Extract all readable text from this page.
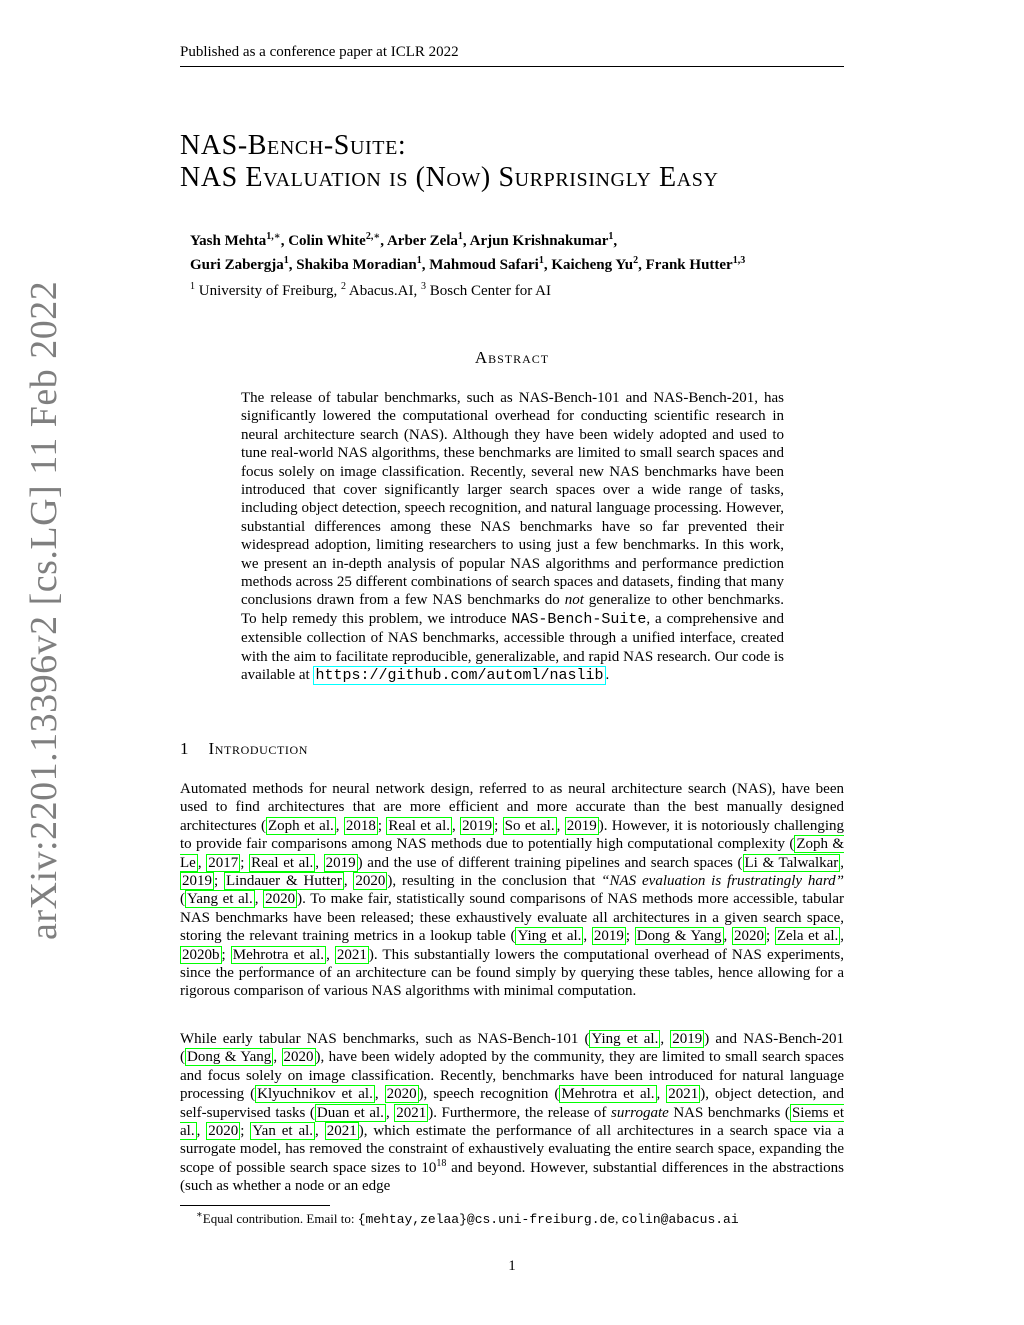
Published as a conference paper at ICLR 2022
arXiv:2201.13396v2 [cs.LG] 11 Feb 2022
NAS-Bench-Suite:
NAS Evaluation is (Now) Surprisingly Easy
Yash Mehta$^{1,∗}$, Colin White$^{2,∗}$, Arber Zela$^1$, Arjun Krishnakumar$^1$,
Guri Zabergja$^1$, Shakiba Moradian$^1$, Mahmoud Safari$^1$, Kaicheng Yu$^2$, Frank Hutter$^{1,3}$
$^1$ University of Freiburg, $^2$ Abacus.AI, $^3$ Bosch Center for AI
Abstract
The release of tabular benchmarks, such as NAS-Bench-101 and NAS-Bench-201, has significantly lowered the computational overhead for conducting scientific research in neural architecture search (NAS). Although they have been widely adopted and used to tune real-world NAS algorithms, these benchmarks are limited to small search spaces and focus solely on image classification. Recently, several new NAS benchmarks have been introduced that cover significantly larger search spaces over a wide range of tasks, including object detection, speech recognition, and natural language processing. However, substantial differences among these NAS benchmarks have so far prevented their widespread adoption, limiting researchers to using just a few benchmarks. In this work, we present an in-depth analysis of popular NAS algorithms and performance prediction methods across 25 different combinations of search spaces and datasets, finding that many conclusions drawn from a few NAS benchmarks do not generalize to other benchmarks. To help remedy this problem, we introduce NAS-Bench-Suite, a comprehensive and extensible collection of NAS benchmarks, accessible through a unified interface, created with the aim to facilitate reproducible, generalizable, and rapid NAS research. Our code is available at https://github.com/automl/naslib .
1 Introduction
Automated methods for neural network design, referred to as neural architecture search (NAS), have been used to find architectures that are more efficient and more accurate than the best manually designed architectures ( Zoph et al. , 2018 ; Real et al. , 2019 ; So et al. , 2019 ). However, it is notoriously challenging to provide fair comparisons among NAS methods due to potentially high computational complexity ( Zoph & Le , 2017 ; Real et al. , 2019 ) and the use of different training pipelines and search spaces ( Li & Talwalkar , 2019 ; Lindauer & Hutter , 2020 ), resulting in the conclusion that “NAS evaluation is frustratingly hard” ( Yang et al. , 2020 ). To make fair, statistically sound comparisons of NAS methods more accessible, tabular NAS benchmarks have been released; these exhaustively evaluate all architectures in a given search space, storing the relevant training metrics in a lookup table ( Ying et al. , 2019 ; Dong & Yang , 2020 ; Zela et al. , 2020b ; Mehrotra et al. , 2021 ). This substantially lowers the computational overhead of NAS experiments, since the performance of an architecture can be found simply by querying these tables, hence allowing for a rigorous comparison of various NAS algorithms with minimal computation.
While early tabular NAS benchmarks, such as NAS-Bench-101 ( Ying et al. , 2019 ) and NAS-Bench-201 ( Dong & Yang , 2020 ), have been widely adopted by the community, they are limited to small search spaces and focus solely on image classification. Recently, benchmarks have been introduced for natural language processing ( Klyuchnikov et al. , 2020 ), speech recognition ( Mehrotra et al. , 2021 ), object detection, and self-supervised tasks ( Duan et al. , 2021 ). Furthermore, the release of surrogate NAS benchmarks ( Siems et al. , 2020 ; Yan et al. , 2021 ), which estimate the performance of all architectures in a search space via a surrogate model, has removed the constraint of exhaustively evaluating the entire search space, expanding the scope of possible search space sizes to $10^{18}$ and beyond. However, substantial differences in the abstractions (such as whether a node or an edge
∗Equal contribution. Email to: {mehtay,zelaa}@cs.uni-freiburg.de, colin@abacus.ai
1
